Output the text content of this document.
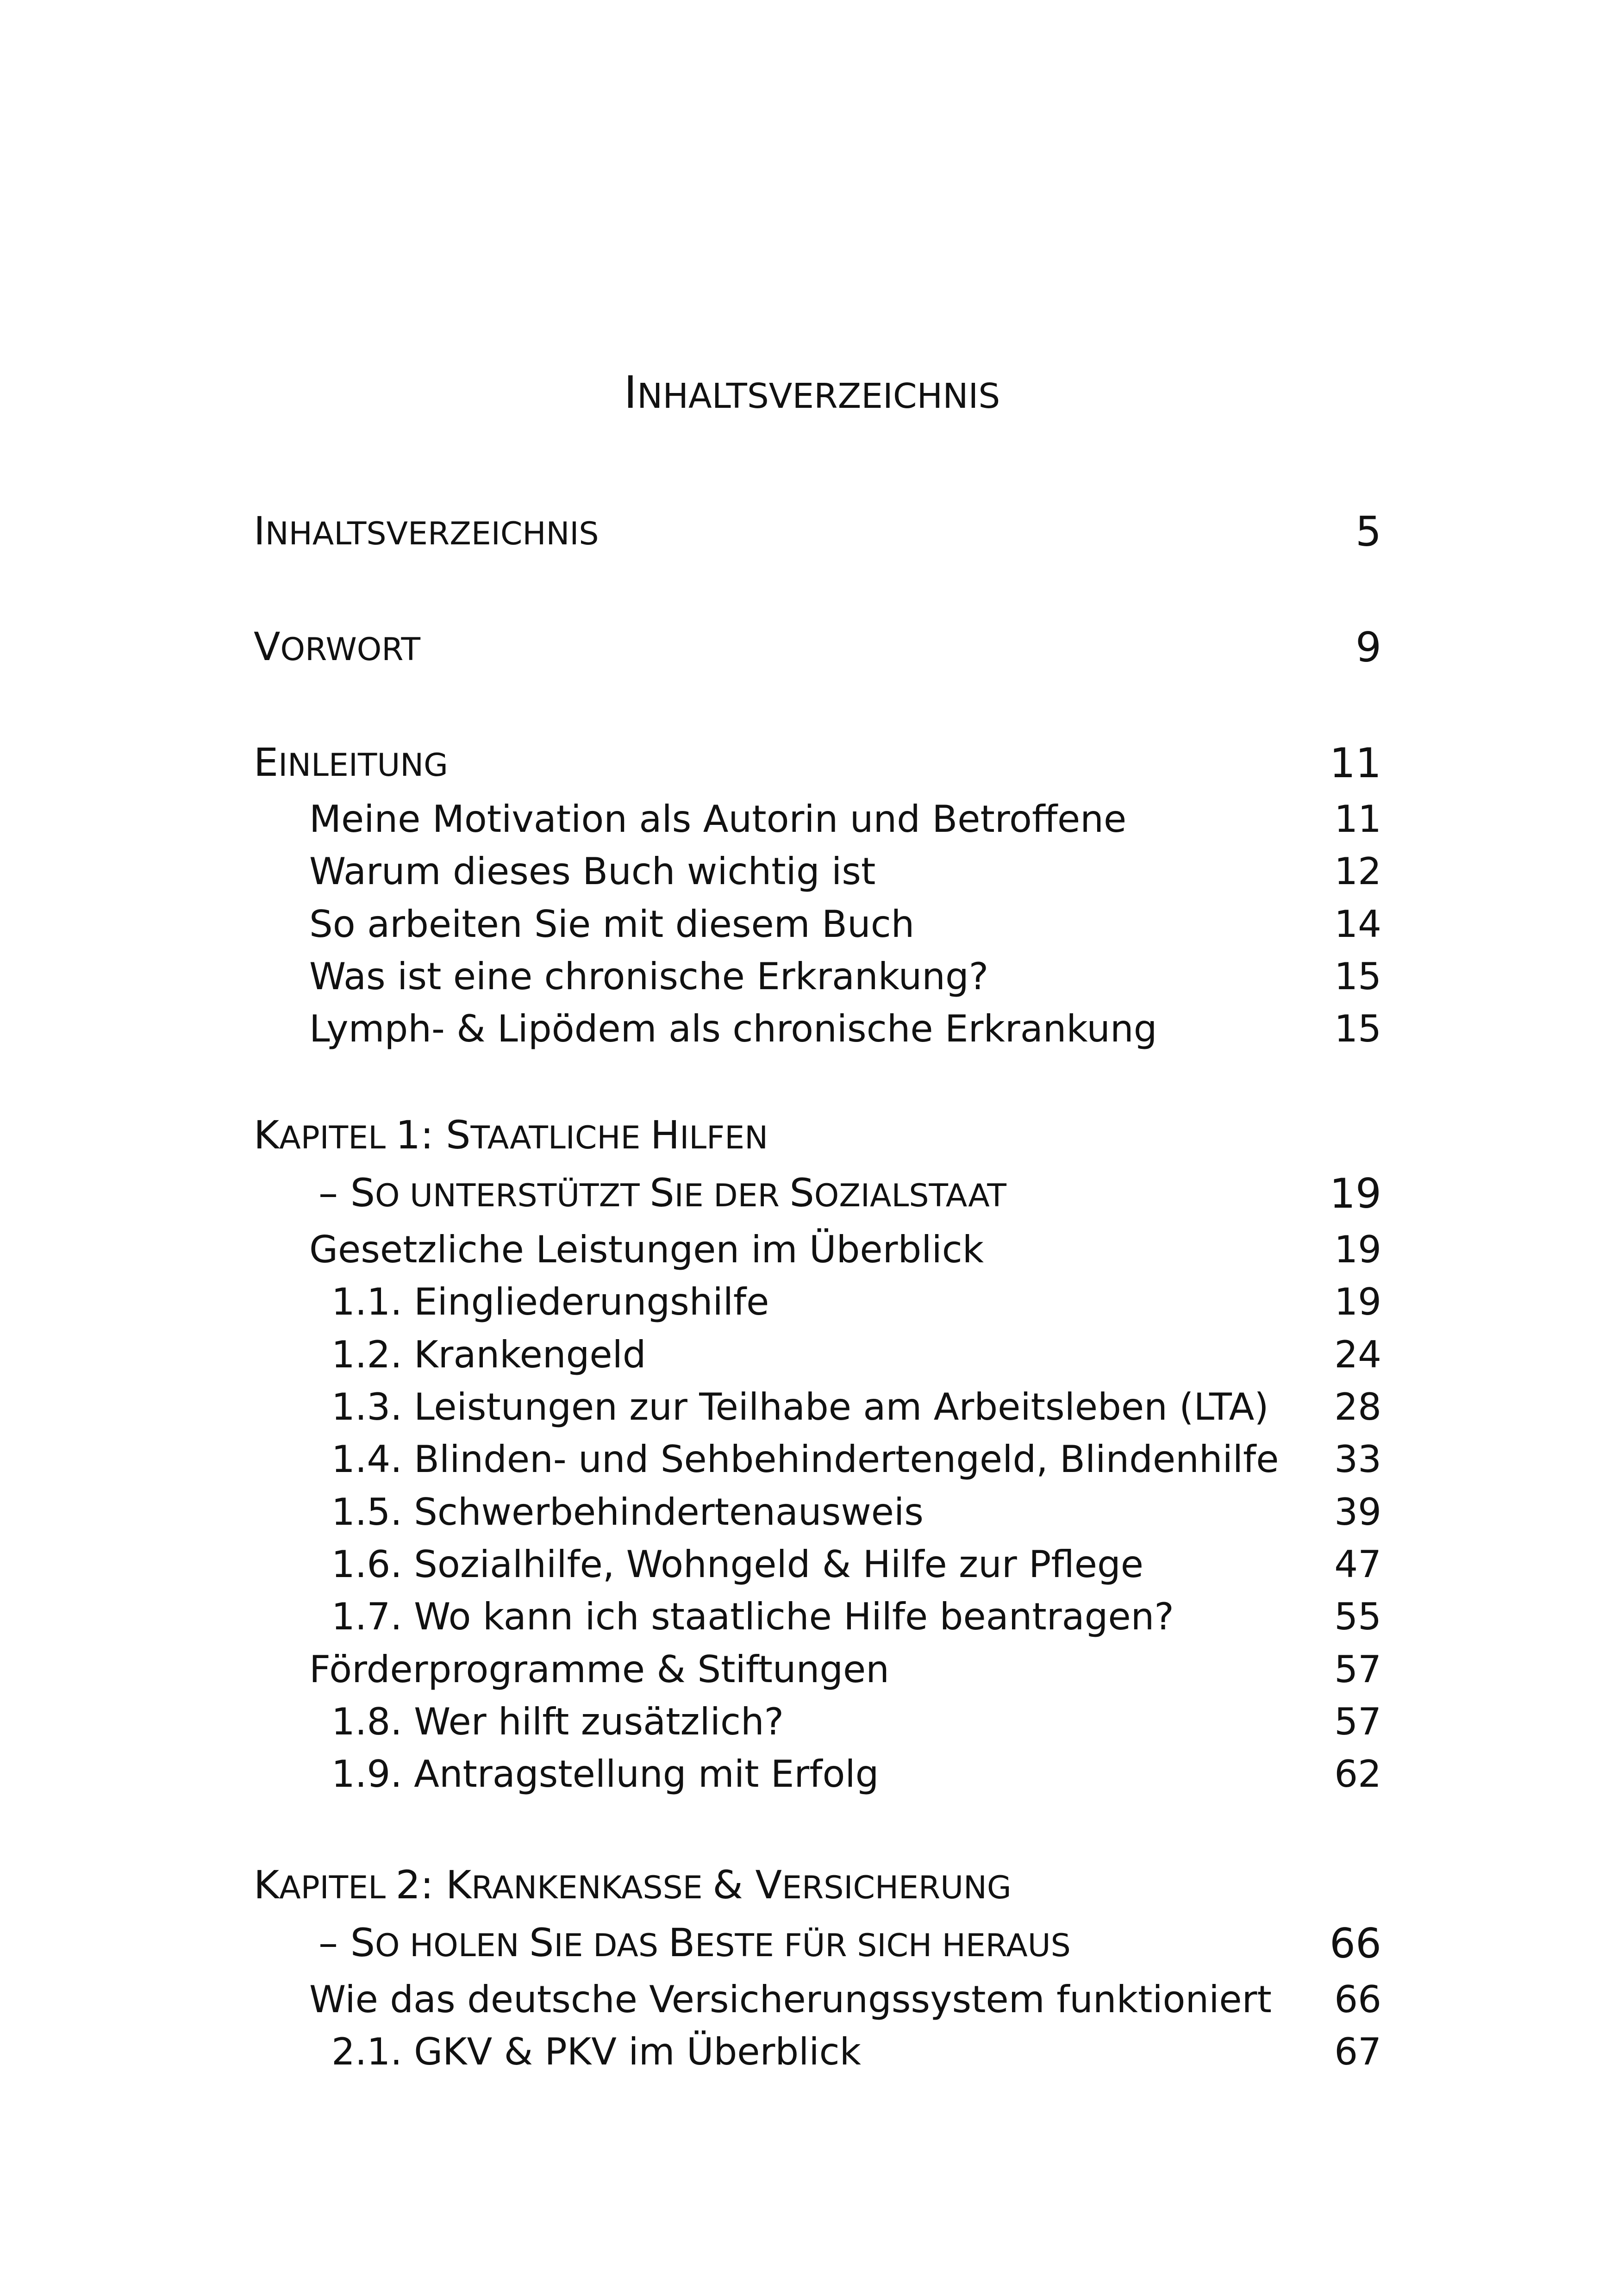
INHALTSVERZEICHNIS
INHALTSVERZEICHNIS	5
VORWORT	9
EINLEITUNG	11
Meine Motivation als Autorin und Betroffene	11
Warum dieses Buch wichtig ist	12
So arbeiten Sie mit diesem Buch	14
Was ist eine chronische Erkrankung?	15
Lymph- & Lipödem als chronische Erkrankung	15
KAPITEL 1: STAATLICHE HILFEN
– SO UNTERSTÜTZT SIE DER SOZIALSTAAT	19
Gesetzliche Leistungen im Überblick	19
1.1. Eingliederungshilfe	19
1.2. Krankengeld	24
1.3. Leistungen zur Teilhabe am Arbeitsleben (LTA) 28
1.4. Blinden- und Sehbehindertengeld, Blindenhilfe 33
1.5. Schwerbehindertenausweis	39
1.6. Sozialhilfe, Wohngeld & Hilfe zur Pflege	47
1.7. Wo kann ich staatliche Hilfe beantragen?	55
Förderprogramme & Stiftungen	57
1.8. Wer hilft zusätzlich?	57
1.9. Antragstellung mit Erfolg	62
KAPITEL 2: KRANKENKASSE & VERSICHERUNG
– SO HOLEN SIE DAS BESTE FÜR SICH HERAUS	66
Wie das deutsche Versicherungssystem funktioniert 66
2.1. GKV & PKV im Überblick	67
